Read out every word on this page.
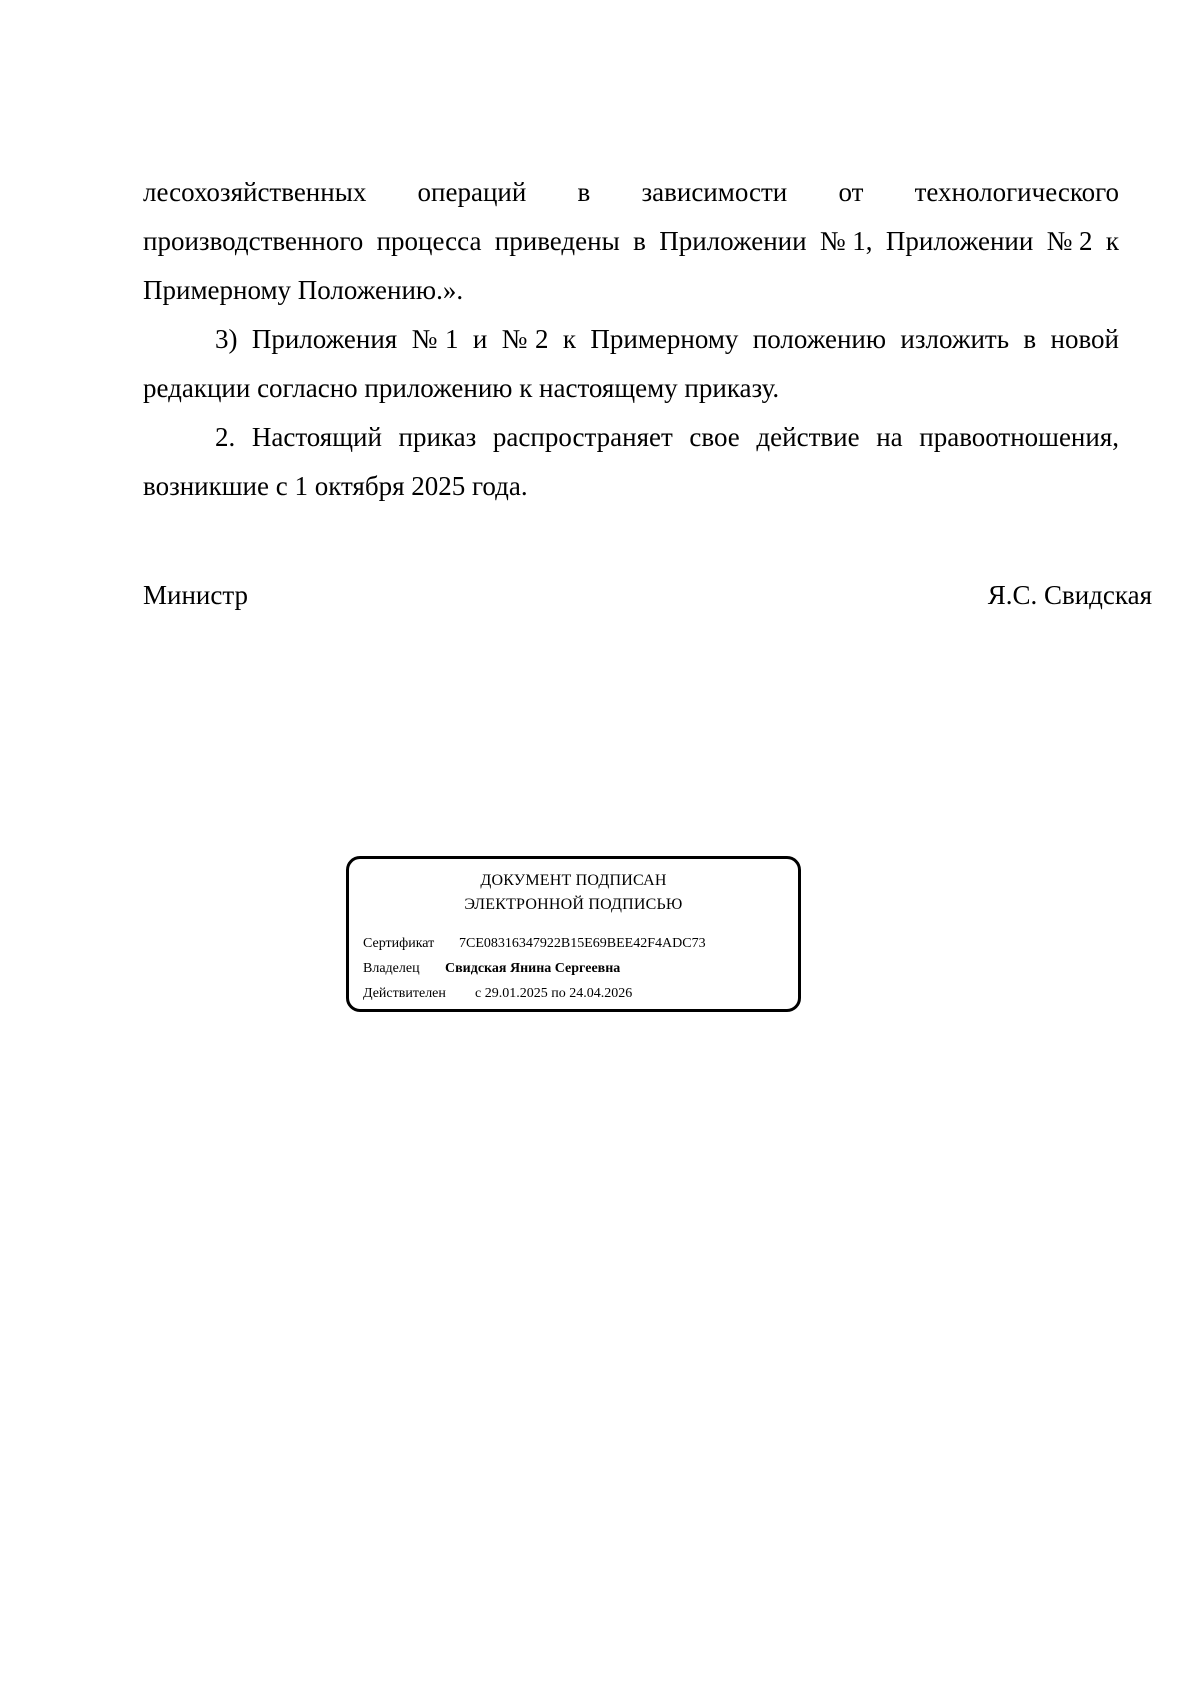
лесохозяйственных операций в зависимости от технологического производственного процесса приведены в Приложении №1, Приложении №2 к Примерному Положению.».

3) Приложения №1 и №2 к Примерному положению изложить в новой редакции согласно приложению к настоящему приказу.

2. Настоящий приказ распространяет свое действие на правоотношения, возникшие с 1 октября 2025 года.

Министр	Я.С. Свидская
ДОКУМЕНТ ПОДПИСАН
ЭЛЕКТРОННОЙ ПОДПИСЬЮ
Сертификат 7CE08316347922B15E69BEE42F4ADC73
Владелец Свидская Янина Сергеевна
Действителен с 29.01.2025 по 24.04.2026
